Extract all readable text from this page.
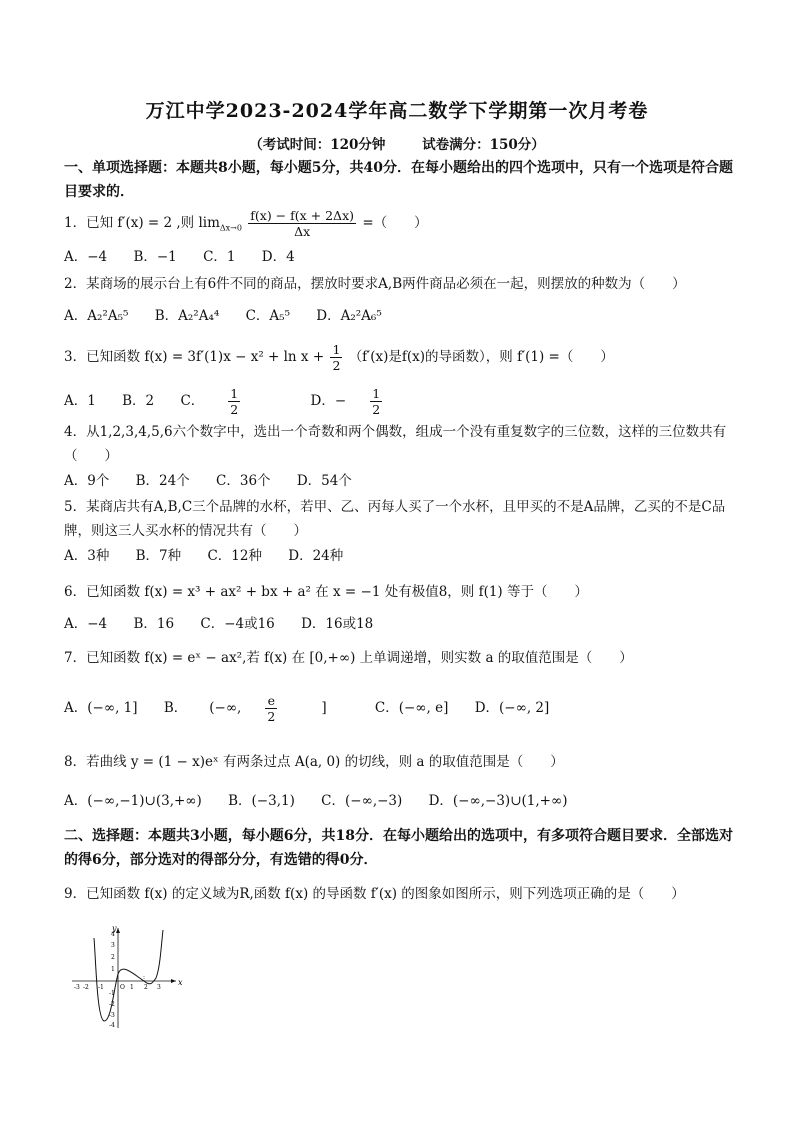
万江中学2023-2024学年高二数学下学期第一次月考卷
（考试时间：120分钟	试卷满分：150分）
一、单项选择题：本题共8小题，每小题5分，共40分．在每小题给出的四个选项中，只有一个选项是符合题目要求的．
1．已知 f′(x) = 2 ,则 $\lim_{\Delta x\to 0} \frac{f(x) - f(x + 2\Delta x)}{\Delta x}$ =（　　）
A．−4 B．−1 C．1 D．4
2．某商场的展示台上有6件不同的商品，摆放时要求A,B两件商品必须在一起，则摆放的种数为（　　）
A．A₂²A₅⁵ B．A₂²A₄⁴ C．A₅⁵ D．A₂²A₆⁵
3．已知函数 $f(x) = 3f'(1)x - x^2 + \ln x + \frac{1}{2} (f'(x)$是f(x)的导函数），则 f′(1) =（　　）
A．1 B．2 C． $\frac{1}{2}$	D．− $\frac{1}{2}$
4．从1,2,3,4,5,6六个数字中，选出一个奇数和两个偶数，组成一个没有重复数字的三位数，这样的三位数共有（　　）
A．9个 B．24个 C．36个 D．54个
5．某商店共有A,B,C三个品牌的水杯，若甲、乙、丙每人买了一个水杯，且甲买的不是A品牌，乙买的不是C品牌，则这三人买水杯的情况共有（　　）
A．3种 B．7种 C．12种 D．24种
6．已知函数 f(x) = x³ + ax² + bx + a² 在 x = −1 处有极值8，则 f(1) 等于（　　）
A．−4 B．16 C．−4或16 D．16或18
7．已知函数 f(x) = eˣ − ax²,若 f(x) 在 [0,+∞) 上单调递增，则实数 a 的取值范围是（　　）
A．(−∞, 1] B． (−∞, $\frac{e}{2}$ ]	C．(−∞, e] D．(−∞, 2]
8．若曲线 y = (1 − x)eˣ 有两条过点 A(a, 0) 的切线，则 a 的取值范围是（　　）
A．(−∞,−1)∪(3,+∞) B．(−3,1) C．(−∞,−3) D．(−∞,−3)∪(1,+∞)
二、选择题：本题共3小题，每小题6分，共18分．在每小题给出的选项中，有多项符合题目要求．全部选对的得6分，部分选对的得部分分，有选错的得0分．
9．已知函数 f(x) 的定义域为R,函数 f(x) 的导函数 f′(x) 的图象如图所示，则下列选项正确的是（　　）
x
y
O
-3 -2 -1	1 2 3
4
3
2
1
-1
-2
-3
-4
